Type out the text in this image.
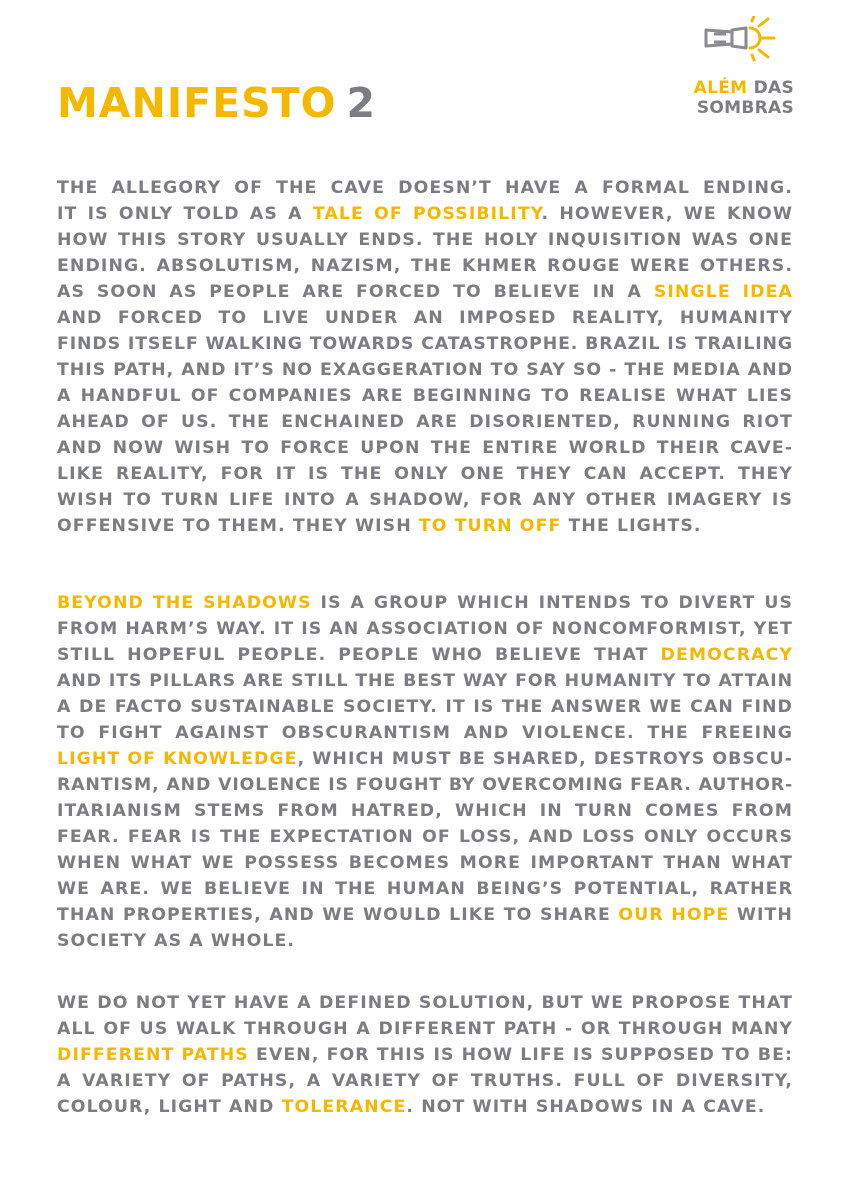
MANIFESTO 2	ALÉM DAS
SOMBRAS
THE ALLEGORY OF THE CAVE DOESN’T HAVE A FORMAL ENDING.
IT IS ONLY TOLD AS A TALE OF POSSIBILITY. HOWEVER, WE KNOW
HOW THIS STORY USUALLY ENDS. THE HOLY INQUISITION WAS ONE
ENDING. ABSOLUTISM, NAZISM, THE KHMER ROUGE WERE OTHERS.
AS SOON AS PEOPLE ARE FORCED TO BELIEVE IN A SINGLE IDEA
AND FORCED TO LIVE UNDER AN IMPOSED REALITY, HUMANITY
FINDS ITSELF WALKING TOWARDS CATASTROPHE. BRAZIL IS TRAILING
THIS PATH, AND IT’S NO EXAGGERATION TO SAY SO - THE MEDIA AND
A HANDFUL OF COMPANIES ARE BEGINNING TO REALISE WHAT LIES
AHEAD OF US. THE ENCHAINED ARE DISORIENTED, RUNNING RIOT
AND NOW WISH TO FORCE UPON THE ENTIRE WORLD THEIR CAVE-
LIKE REALITY, FOR IT IS THE ONLY ONE THEY CAN ACCEPT. THEY
WISH TO TURN LIFE INTO A SHADOW, FOR ANY OTHER IMAGERY IS
OFFENSIVE TO THEM. THEY WISH TO TURN OFF THE LIGHTS.
BEYOND THE SHADOWS IS A GROUP WHICH INTENDS TO DIVERT US
FROM HARM’S WAY. IT IS AN ASSOCIATION OF NONCOMFORMIST, YET
STILL HOPEFUL PEOPLE. PEOPLE WHO BELIEVE THAT DEMOCRACY
AND ITS PILLARS ARE STILL THE BEST WAY FOR HUMANITY TO ATTAIN
A DE FACTO SUSTAINABLE SOCIETY. IT IS THE ANSWER WE CAN FIND
TO FIGHT AGAINST OBSCURANTISM AND VIOLENCE. THE FREEING
LIGHT OF KNOWLEDGE, WHICH MUST BE SHARED, DESTROYS OBSCU-
RANTISM, AND VIOLENCE IS FOUGHT BY OVERCOMING FEAR. AUTHOR-
ITARIANISM STEMS FROM HATRED, WHICH IN TURN COMES FROM
FEAR. FEAR IS THE EXPECTATION OF LOSS, AND LOSS ONLY OCCURS
WHEN WHAT WE POSSESS BECOMES MORE IMPORTANT THAN WHAT
WE ARE. WE BELIEVE IN THE HUMAN BEING’S POTENTIAL, RATHER
THAN PROPERTIES, AND WE WOULD LIKE TO SHARE OUR HOPE WITH
SOCIETY AS A WHOLE.
WE DO NOT YET HAVE A DEFINED SOLUTION, BUT WE PROPOSE THAT
ALL OF US WALK THROUGH A DIFFERENT PATH - OR THROUGH MANY
DIFFERENT PATHS EVEN, FOR THIS IS HOW LIFE IS SUPPOSED TO BE:
A VARIETY OF PATHS, A VARIETY OF TRUTHS. FULL OF DIVERSITY,
COLOUR, LIGHT AND TOLERANCE. NOT WITH SHADOWS IN A CAVE.
